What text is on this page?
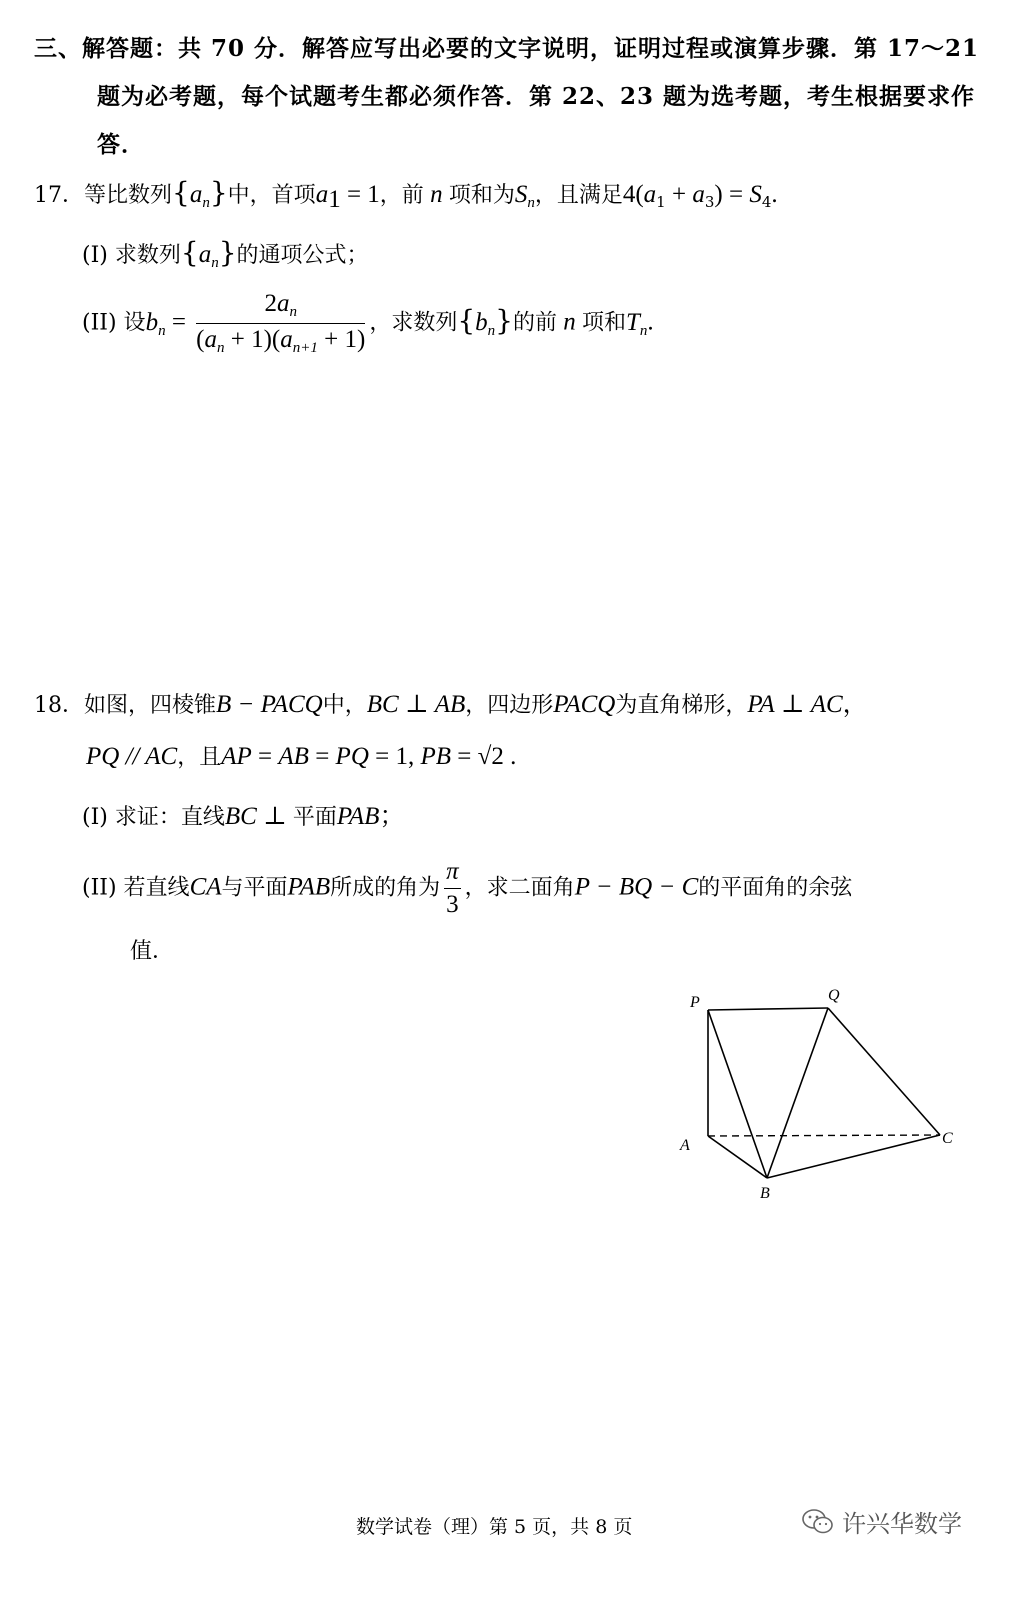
三、解答题：共 70 分．解答应写出必要的文字说明，证明过程或演算步骤．第 17～21
题为必考题，每个试题考生都必须作答．第 22、23 题为选考题，考生根据要求作
答．
17．等比数列$\{a_n\}$中，首项$a_1 = 1$，前 n 项和为$S_n$，且满足$4(a_1 + a_3) = S_4$.
(I) 求数列$\{a_n\}$的通项公式；
(II) 设$b_n = \frac{2a_n}{(a_n + 1)(a_{n+1} + 1)}$ ，求数列$\{b_n\}$的前 n 项和$T_n$.
18．如图，四棱锥B − PACQ中，BC ⊥ AB，四边形PACQ为直角梯形，PA ⊥ AC，
PQ // AC，且AP = AB = PQ = 1, PB = √2 .
(I) 求证：直线BC ⊥ 平面PAB；
(II) 若直线CA与平面PAB所成的角为 $\frac{\pi}{3}$ ，求二面角P − BQ − C的平面角的余弦
值．
P	Q
A
B
C
数学试卷（理）第 5 页，共 8 页	许兴华数学
